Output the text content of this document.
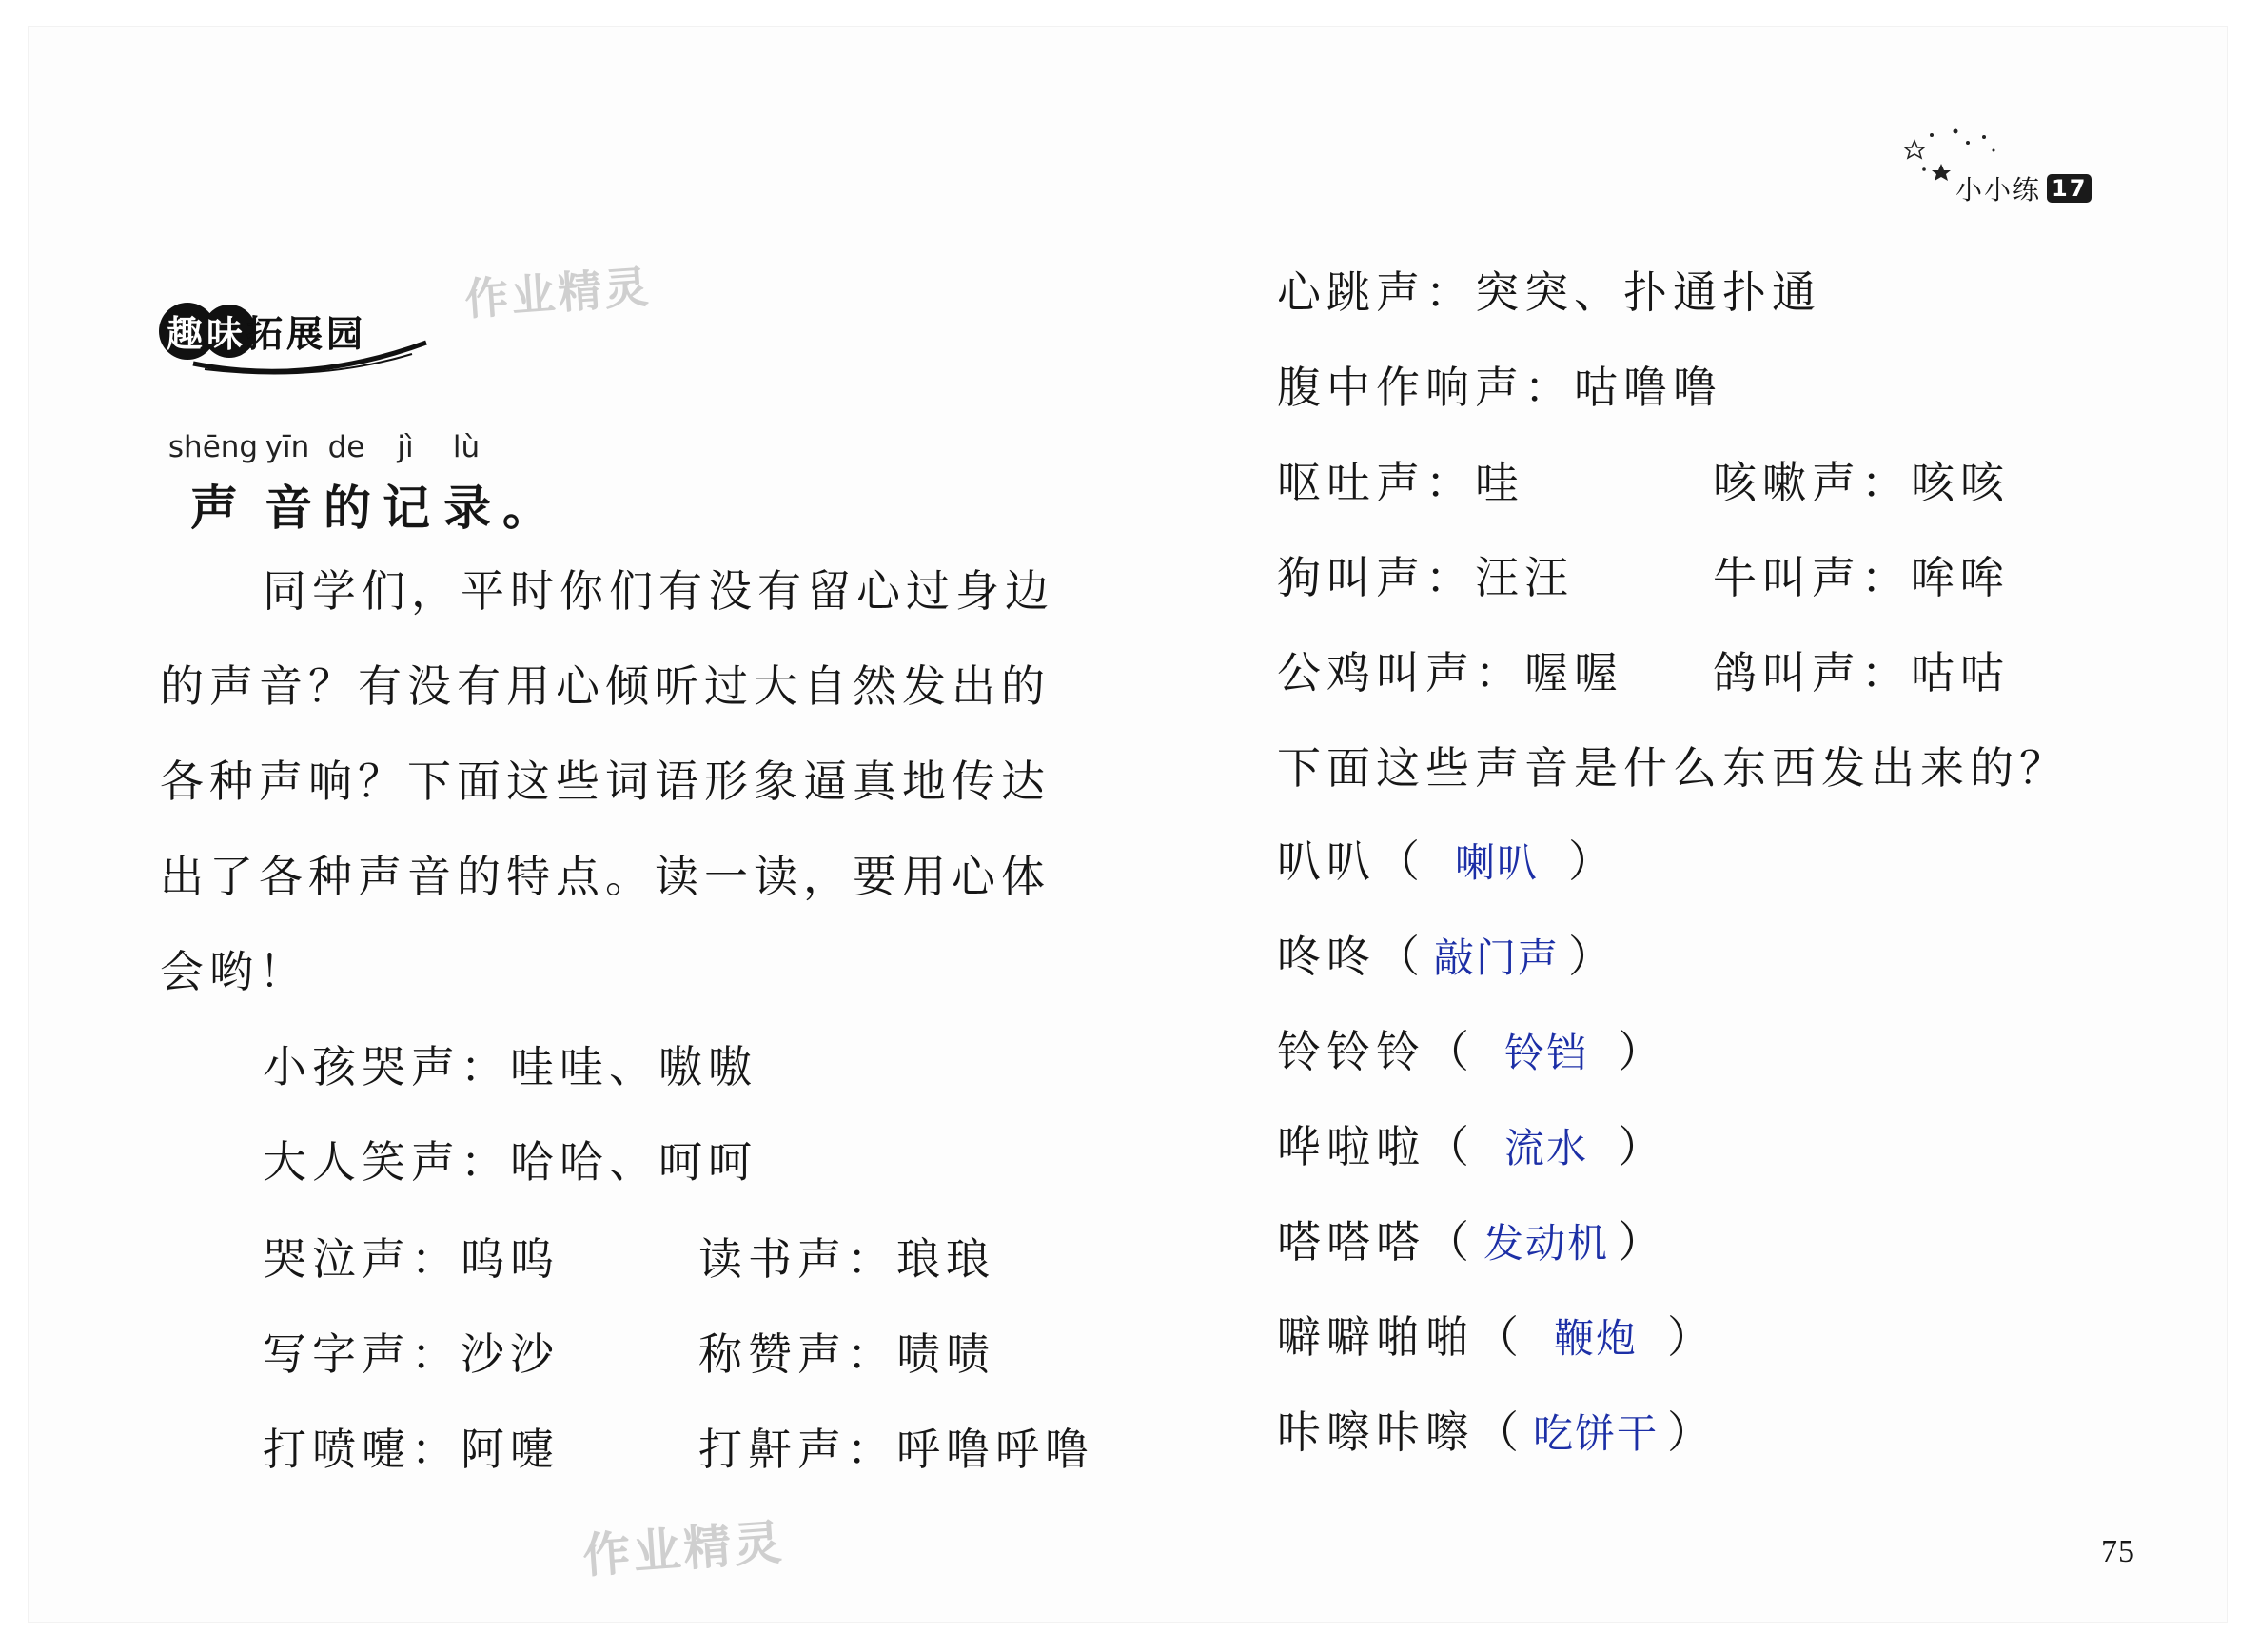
小小练 17
趣味拓展园
作业精灵
作业精灵
shēng yīn de	jì	lù
声 音 的 记 录 。
同学们，平时你们有没有留心过身边
的声音？有没有用心倾听过大自然发出的
各种声响？下面这些词语形象逼真地传达
出了各种声音的特点。读一读，要用心体
会哟！
小孩哭声：哇哇、嗷嗷
大人笑声：哈哈、呵呵
哭泣声：呜呜	读书声：琅琅
写字声：沙沙	称赞声：啧啧
打喷嚏：阿嚏	打鼾声：呼噜呼噜
心跳声：突突、扑通扑通
腹中作响声：咕噜噜
呕吐声：哇	咳嗽声：咳咳
狗叫声：汪汪	牛叫声：哞哞
公鸡叫声：喔喔 鸽叫声：咕咕
下面这些声音是什么东西发出来的？
叭叭（ 喇叭 ）
咚咚（ 敲门声 ）
铃铃铃（ 铃铛 ）
哗啦啦（ 流水 ）
嗒嗒嗒（ 发动机 ）
噼噼啪啪（ 鞭炮 ）
咔嚓咔嚓（ 吃饼干 ）
75
